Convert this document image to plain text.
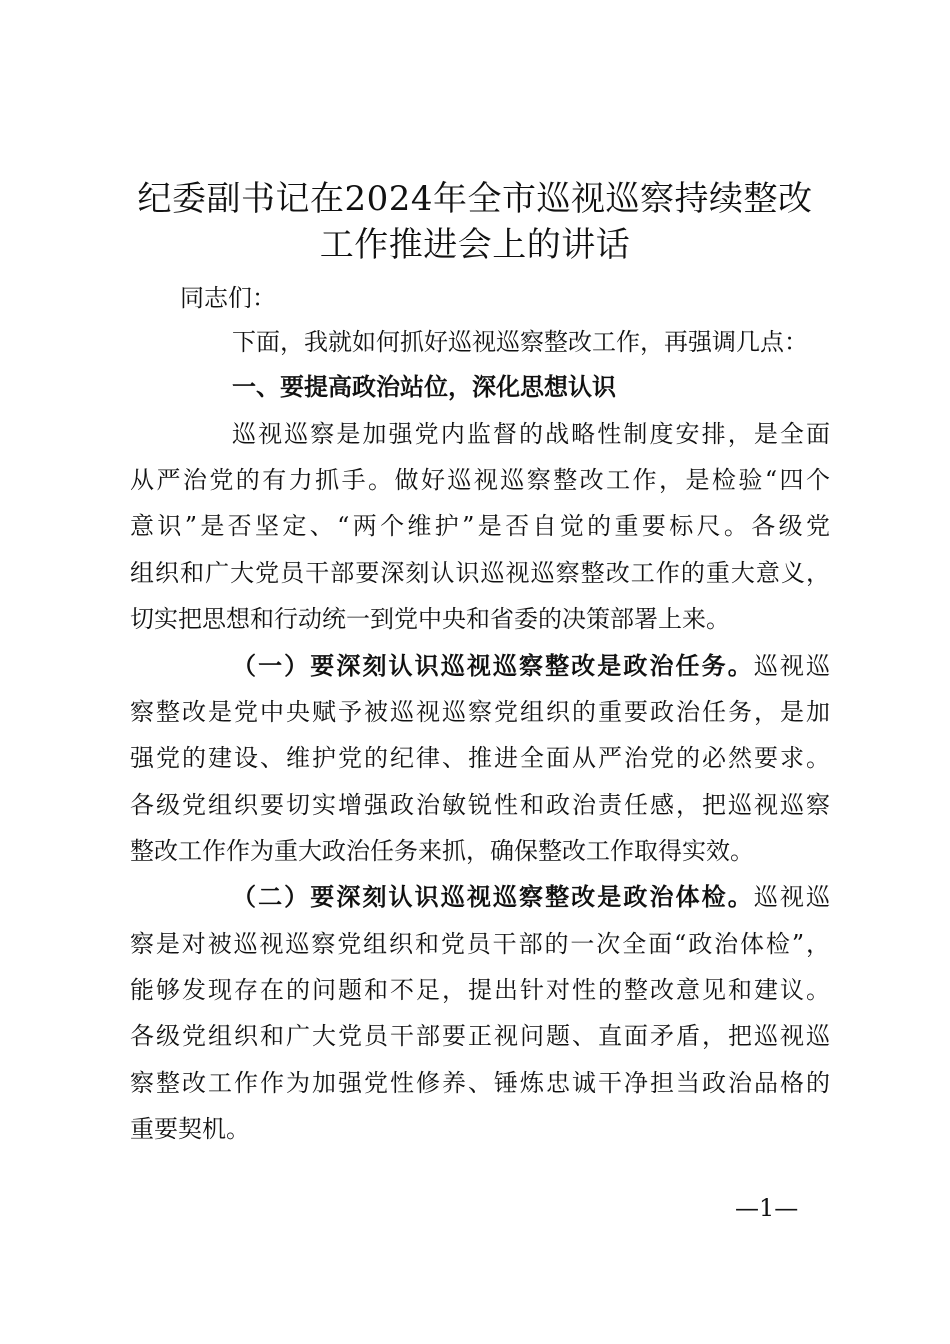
纪委副书记在2024年全市巡视巡察持续整改
工作推进会上的讲话
同志们：
下面，我就如何抓好巡视巡察整改工作，再强调几点：
一、要提高政治站位，深化思想认识
巡视巡察是加强党内监督的战略性制度安排，是全面
从严治党的有力抓手。做好巡视巡察整改工作，是检验“四个
意识”是否坚定、“两个维护”是否自觉的重要标尺。各级党
组织和广大党员干部要深刻认识巡视巡察整改工作的重大意义，
切实把思想和行动统一到党中央和省委的决策部署上来。
（一）要深刻认识巡视巡察整改是政治任务。巡视巡
察整改是党中央赋予被巡视巡察党组织的重要政治任务，是加
强党的建设、维护党的纪律、推进全面从严治党的必然要求。
各级党组织要切实增强政治敏锐性和政治责任感，把巡视巡察
整改工作作为重大政治任务来抓，确保整改工作取得实效。
（二）要深刻认识巡视巡察整改是政治体检。巡视巡
察是对被巡视巡察党组织和党员干部的一次全面“政治体检”，
能够发现存在的问题和不足，提出针对性的整改意见和建议。
各级党组织和广大党员干部要正视问题、直面矛盾，把巡视巡
察整改工作作为加强党性修养、锤炼忠诚干净担当政治品格的
重要契机。
—1—
